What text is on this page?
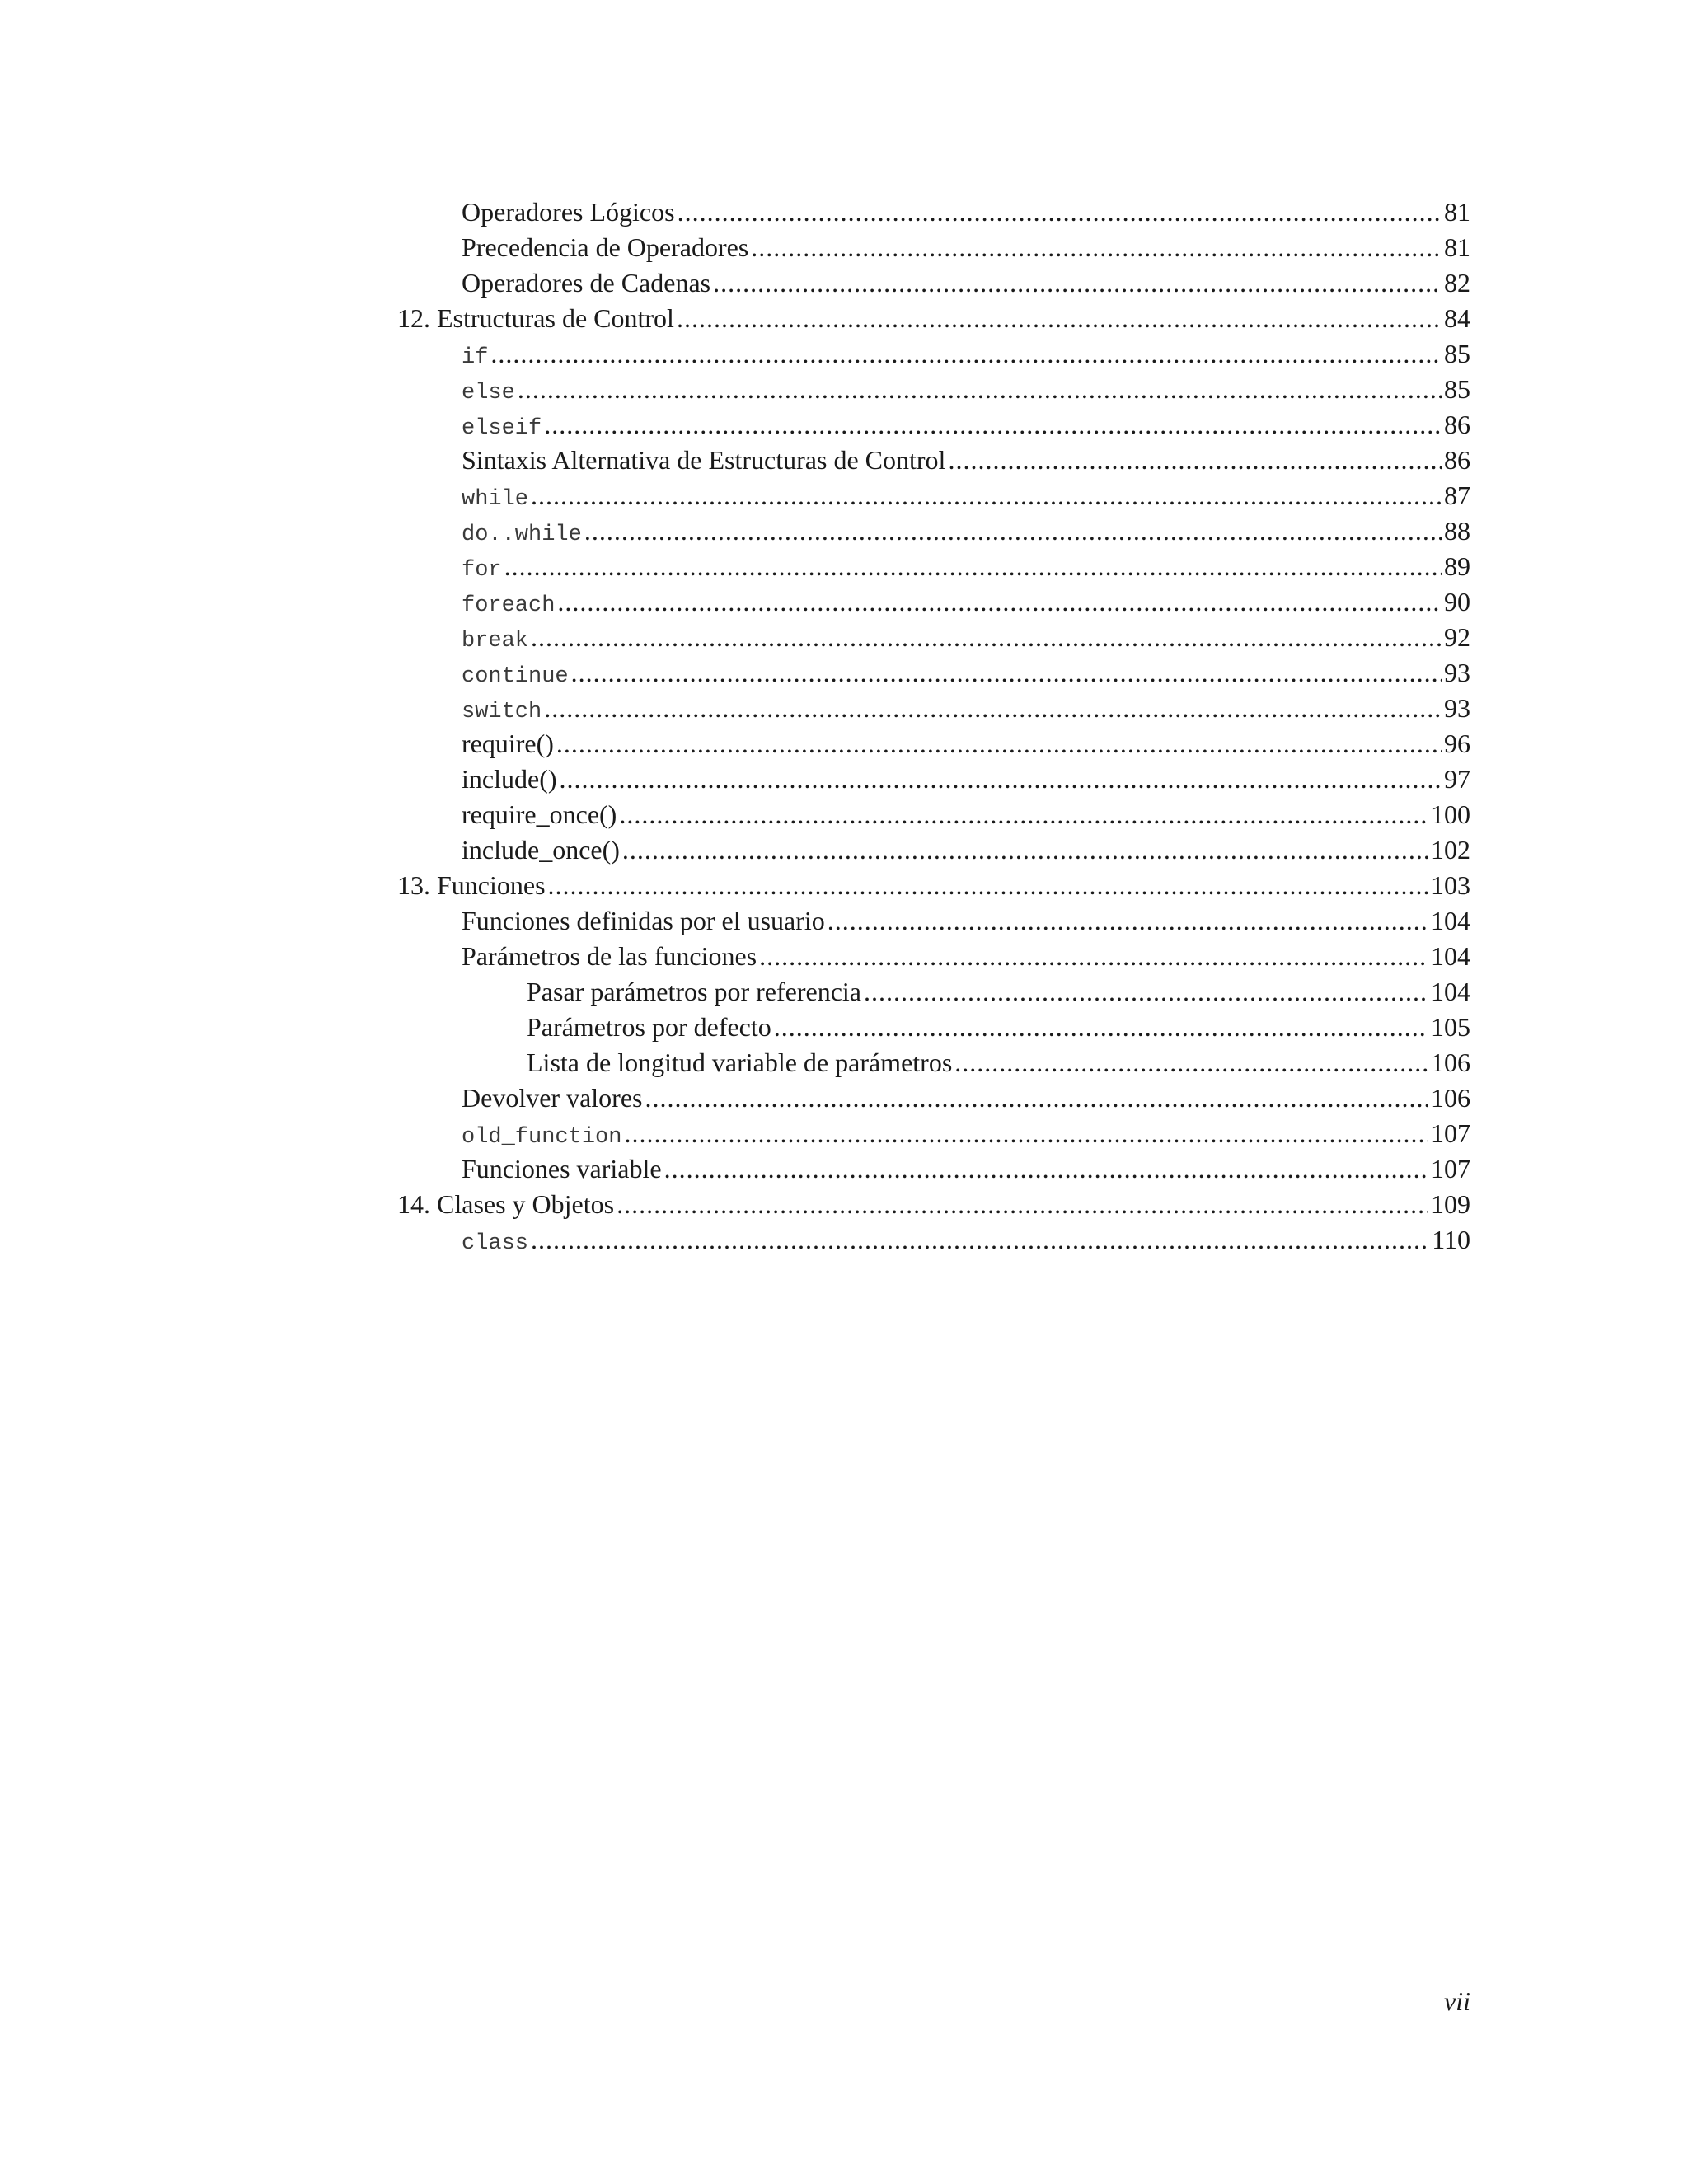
Operadores Lógicos .....	81
Precedencia de Operadores .....	81
Operadores de Cadenas .....	82
12. Estructuras de Control .....	84
if .....	85
else .....	85
elseif .....	86
Sintaxis Alternativa de Estructuras de Control .....	86
while .....	87
do..while .....	88
for .....	89
foreach .....	90
break .....	92
continue .....	93
switch .....	93
require() .....	96
include() .....	97
require_once() .....	100
include_once() .....	102
13. Funciones .....	103
Funciones definidas por el usuario .....	104
Parámetros de las funciones .....	104
Pasar parámetros por referencia .....	104
Parámetros por defecto .....	105
Lista de longitud variable de parámetros .....	106
Devolver valores .....	106
old_function .....	107
Funciones variable .....	107
14. Clases y Objetos .....	109
class .....	110
vii
